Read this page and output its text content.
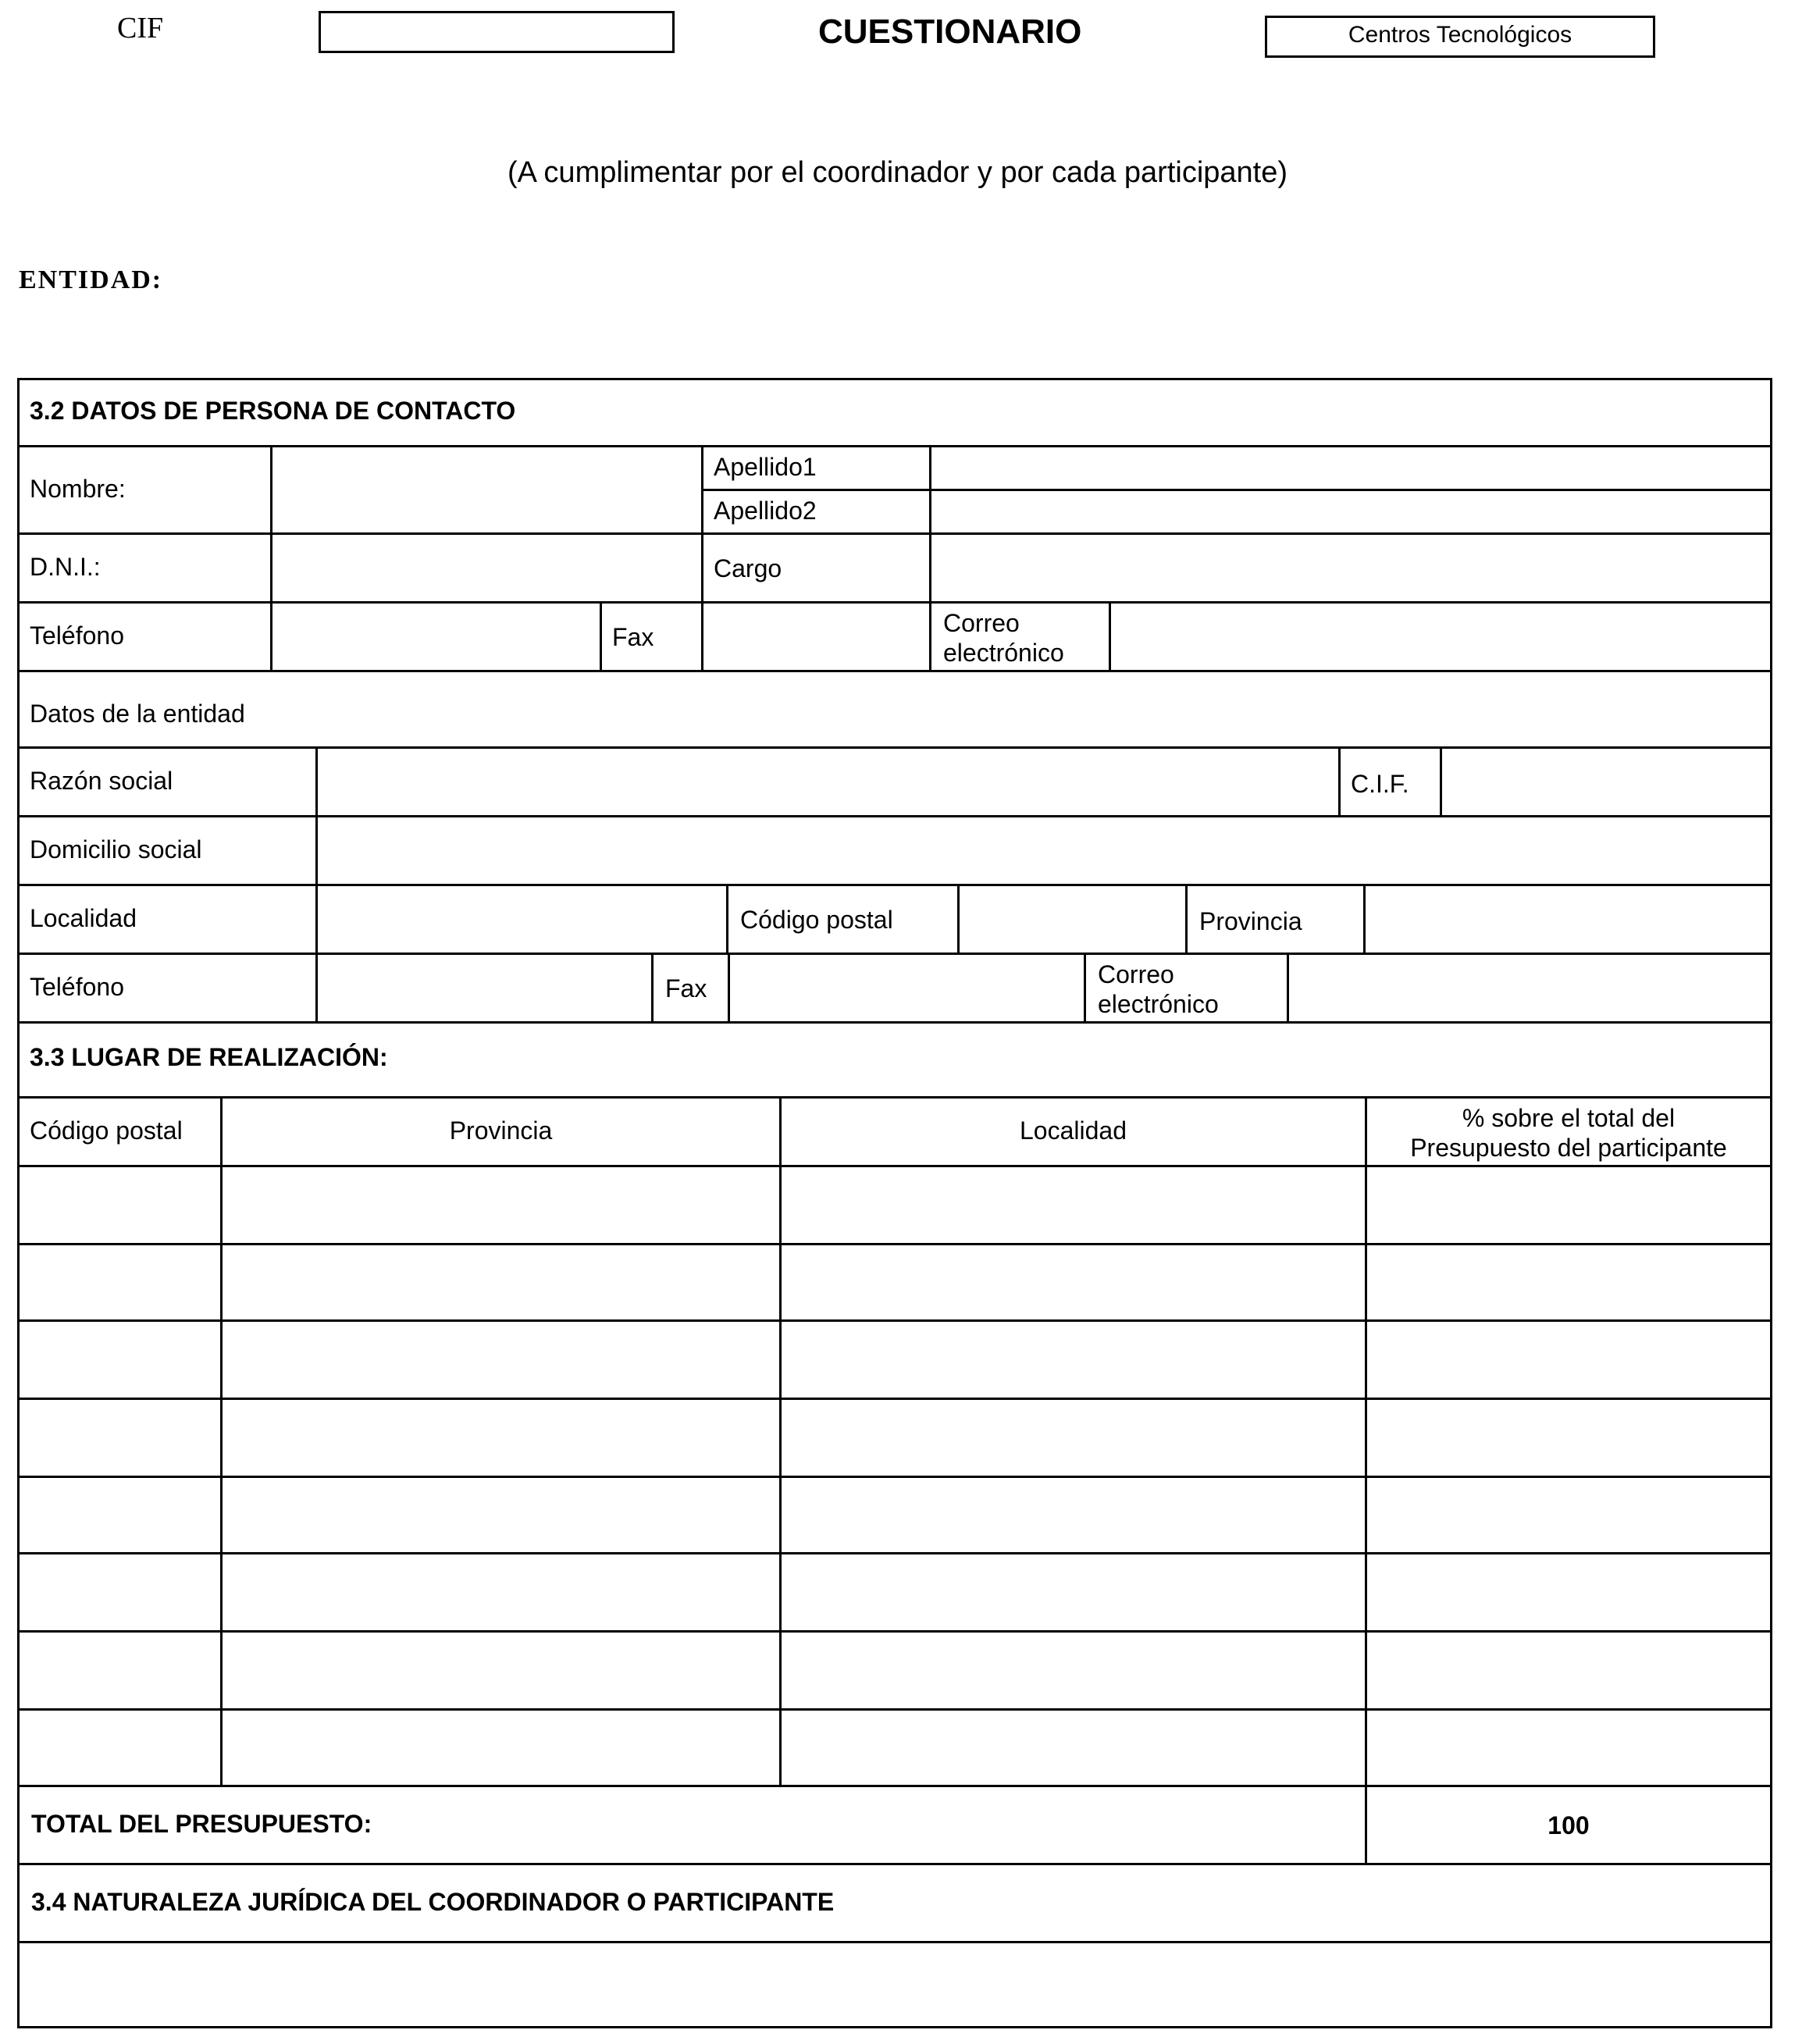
CIF	CUESTIONARIO	Centros Tecnológicos
(A cumplimentar por el coordinador y por cada participante)
ENTIDAD:
3.2 DATOS DE PERSONA DE CONTACTO
Nombre:
Apellido1
Apellido2
D.N.I.:	Cargo
Teléfono	Fax	Correo
electrónico
Datos de la entidad
Razón social	C.I.F.
Domicilio social
Localidad	Código postal	Provincia
Teléfono	Fax	Correo
electrónico
3.3 LUGAR DE REALIZACIÓN:
Código postal	Provincia	Localidad	% sobre el total del
Presupuesto del participante
TOTAL DEL PRESUPUESTO:	100
3.4 NATURALEZA JURÍDICA DEL COORDINADOR O PARTICIPANTE
